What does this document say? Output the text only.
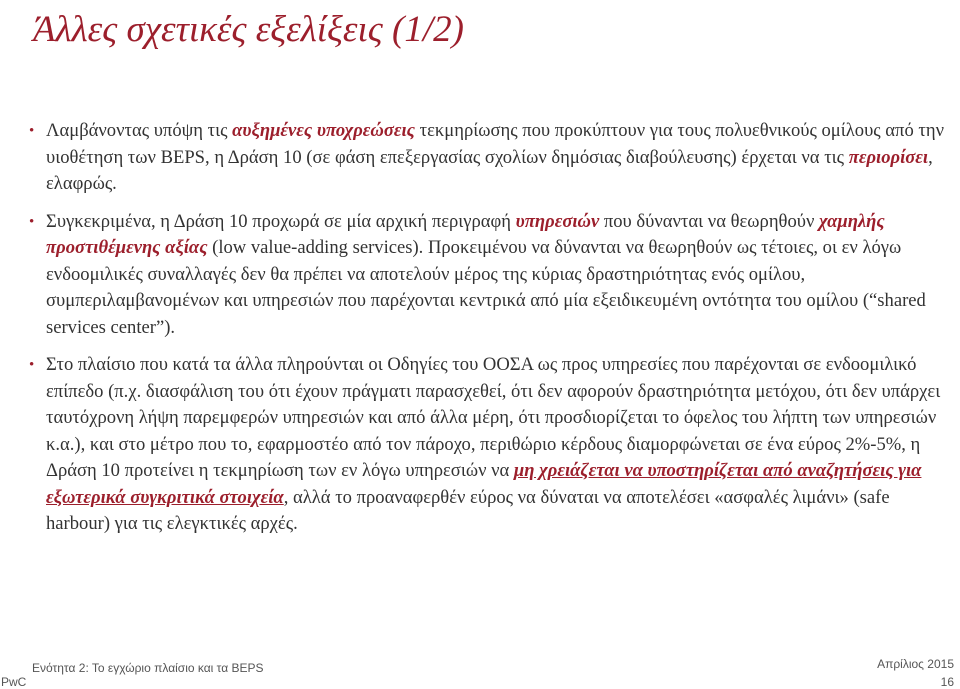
Άλλες σχετικές εξελίξεις (1/2)
• Λαμβάνοντας υπόψη τις αυξημένες υποχρεώσεις τεκμηρίωσης που προκύπτουν για τους πολυεθνικούς ομίλους από την υιοθέτηση των BEPS, η Δράση 10 (σε φάση επεξεργασίας σχολίων δημόσιας διαβούλευσης) έρχεται να τις περιορίσει, ελαφρώς.
• Συγκεκριμένα, η Δράση 10 προχωρά σε μία αρχική περιγραφή υπηρεσιών που δύνανται να θεωρηθούν χαμηλής προστιθέμενης αξίας (low value-adding services). Προκειμένου να δύνανται να θεωρηθούν ως τέτοιες, οι εν λόγω ενδοομιλικές συναλλαγές δεν θα πρέπει να αποτελούν μέρος της κύριας δραστηριότητας ενός ομίλου, συμπεριλαμβανομένων και υπηρεσιών που παρέχονται κεντρικά από μία εξειδικευμένη οντότητα του ομίλου (“shared services center”).
• Στο πλαίσιο που κατά τα άλλα πληρούνται οι Οδηγίες του ΟΟΣΑ ως προς υπηρεσίες που παρέχονται σε ενδοομιλικό επίπεδο (π.χ. διασφάλιση του ότι έχουν πράγματι παρασχεθεί, ότι δεν αφορούν δραστηριότητα μετόχου, ότι δεν υπάρχει ταυτόχρονη λήψη παρεμφερών υπηρεσιών και από άλλα μέρη, ότι προσδιορίζεται το όφελος του λήπτη των υπηρεσιών κ.α.), και στο μέτρο που το, εφαρμοστέο από τον πάροχο, περιθώριο κέρδους διαμορφώνεται σε ένα εύρος 2%-5%, η Δράση 10 προτείνει η τεκμηρίωση των εν λόγω υπηρεσιών να μη χρειάζεται να υποστηρίζεται από αναζητήσεις για εξωτερικά συγκριτικά στοιχεία, αλλά το προαναφερθέν εύρος να δύναται να αποτελέσει «ασφαλές λιμάνι» (safe harbour) για τις ελεγκτικές αρχές.
Ενότητα 2: Το εγχώριο πλαίσιο και τα BEPS	Απρίλιος 2015
16
PwC
